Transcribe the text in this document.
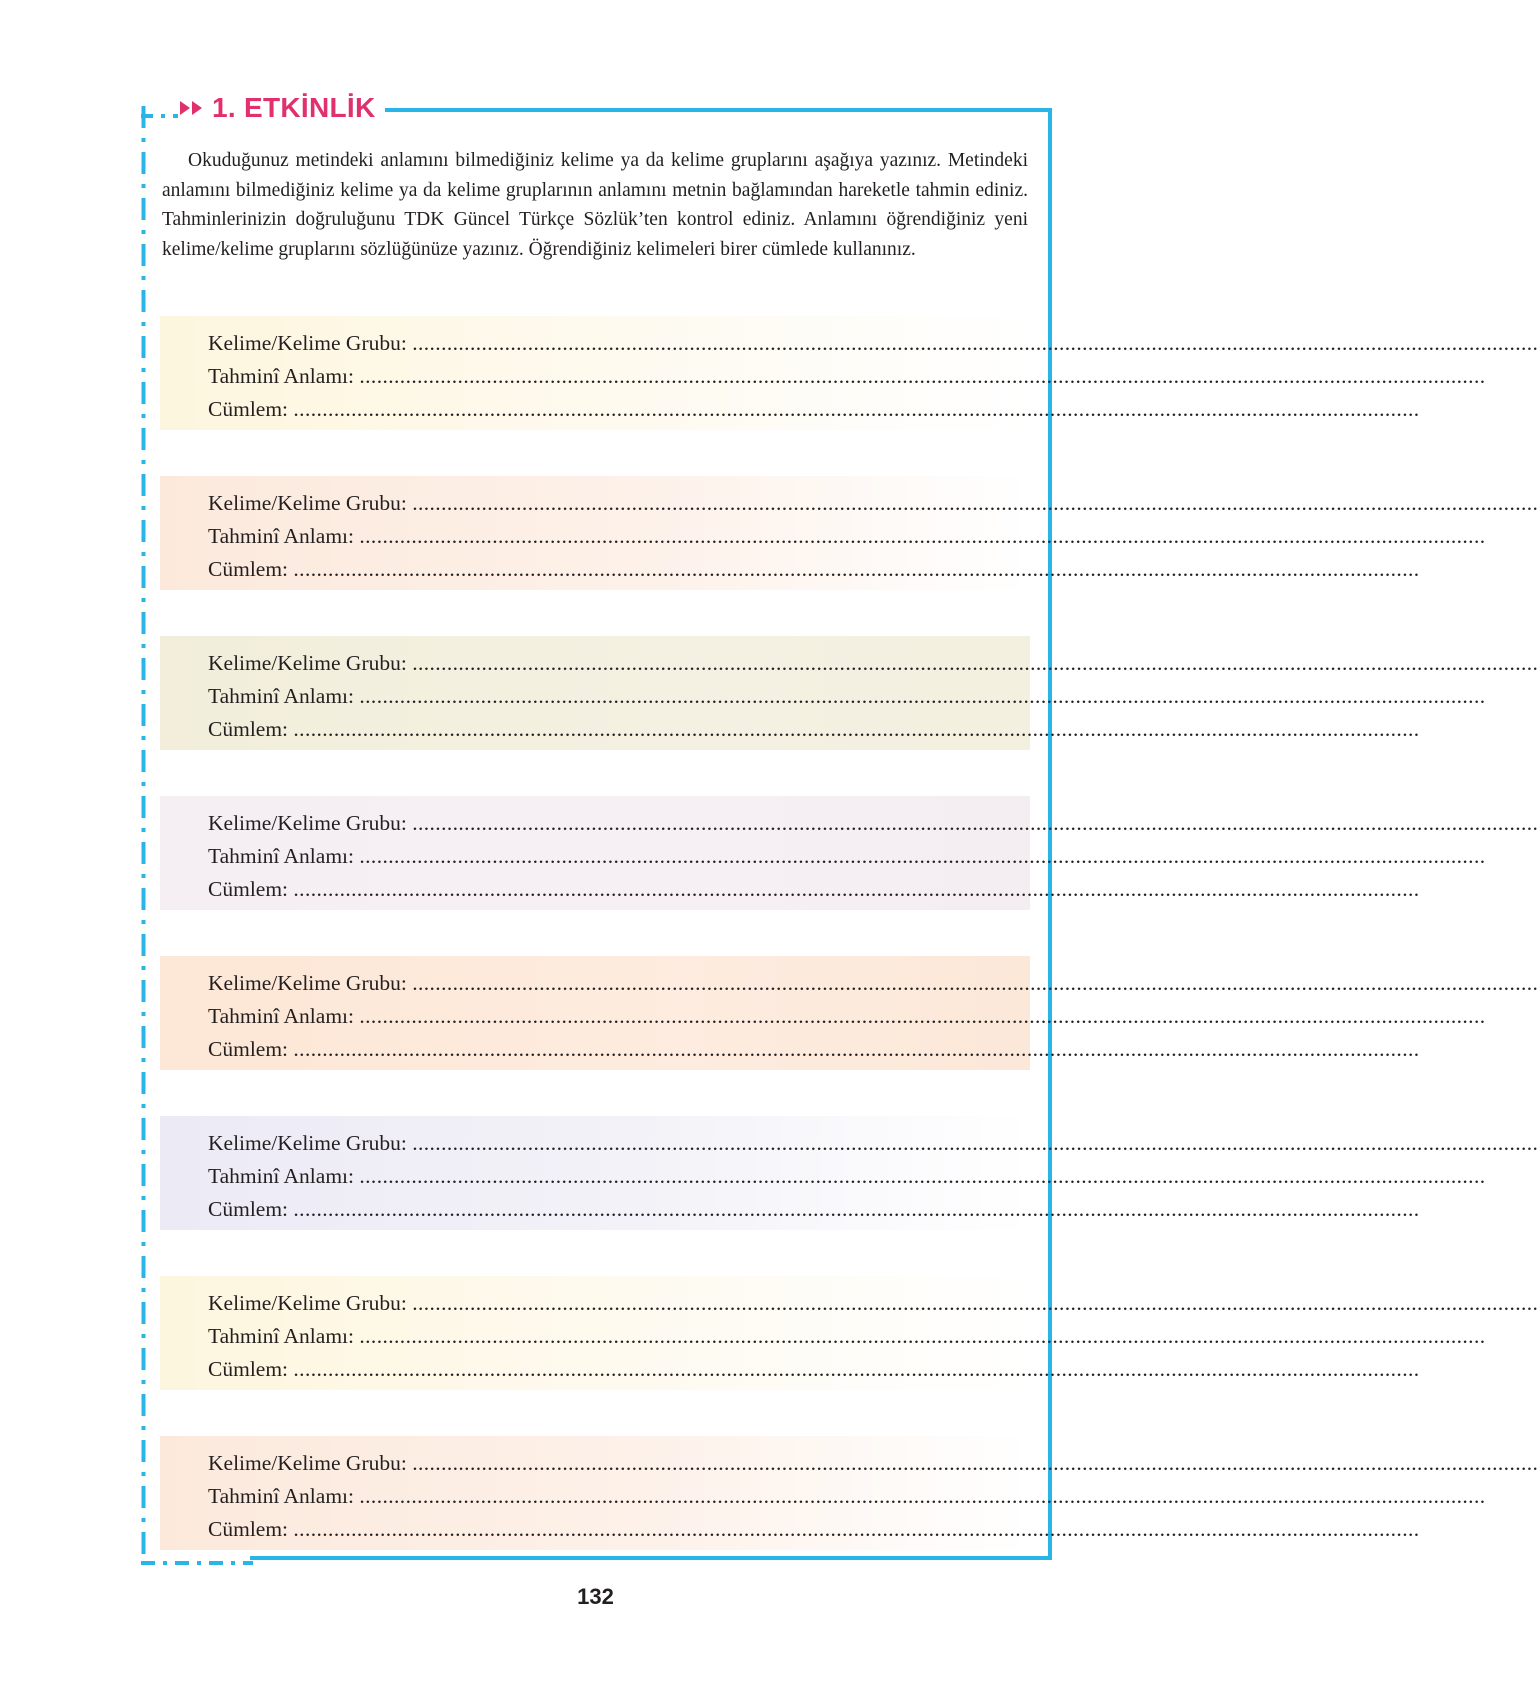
1. ETKİNLİK
Okuduğunuz metindeki anlamını bilmediğiniz kelime ya da kelime gruplarını aşağıya yazınız. Metindeki anlamını bilmediğiniz kelime ya da kelime gruplarının anlamını metnin bağlamından hareketle tahmin ediniz. Tahminlerinizin doğruluğunu TDK Güncel Türkçe Sözlük’ten kontrol ediniz. Anlamını öğrendiğiniz yeni kelime/kelime gruplarını sözlüğünüze yazınız. Öğrendiğiniz kelimeleri birer cümlede kullanınız.
Kelime/Kelime Grubu:
...................................................................................................................................................................................................
Tahminî Anlamı:
...................................................................................................................................................................................................
Cümlem:
...................................................................................................................................................................................................
Kelime/Kelime Grubu:
...................................................................................................................................................................................................
Tahminî Anlamı:
...................................................................................................................................................................................................
Cümlem:
...................................................................................................................................................................................................
Kelime/Kelime Grubu:
...................................................................................................................................................................................................
Tahminî Anlamı:
...................................................................................................................................................................................................
Cümlem:
...................................................................................................................................................................................................
Kelime/Kelime Grubu:
...................................................................................................................................................................................................
Tahminî Anlamı:
...................................................................................................................................................................................................
Cümlem:
...................................................................................................................................................................................................
Kelime/Kelime Grubu:
...................................................................................................................................................................................................
Tahminî Anlamı:
...................................................................................................................................................................................................
Cümlem:
...................................................................................................................................................................................................
Kelime/Kelime Grubu:
...................................................................................................................................................................................................
Tahminî Anlamı:
...................................................................................................................................................................................................
Cümlem:
...................................................................................................................................................................................................
Kelime/Kelime Grubu:
...................................................................................................................................................................................................
Tahminî Anlamı:
...................................................................................................................................................................................................
Cümlem:
...................................................................................................................................................................................................
Kelime/Kelime Grubu:
...................................................................................................................................................................................................
Tahminî Anlamı:
...................................................................................................................................................................................................
Cümlem:
...................................................................................................................................................................................................
132
